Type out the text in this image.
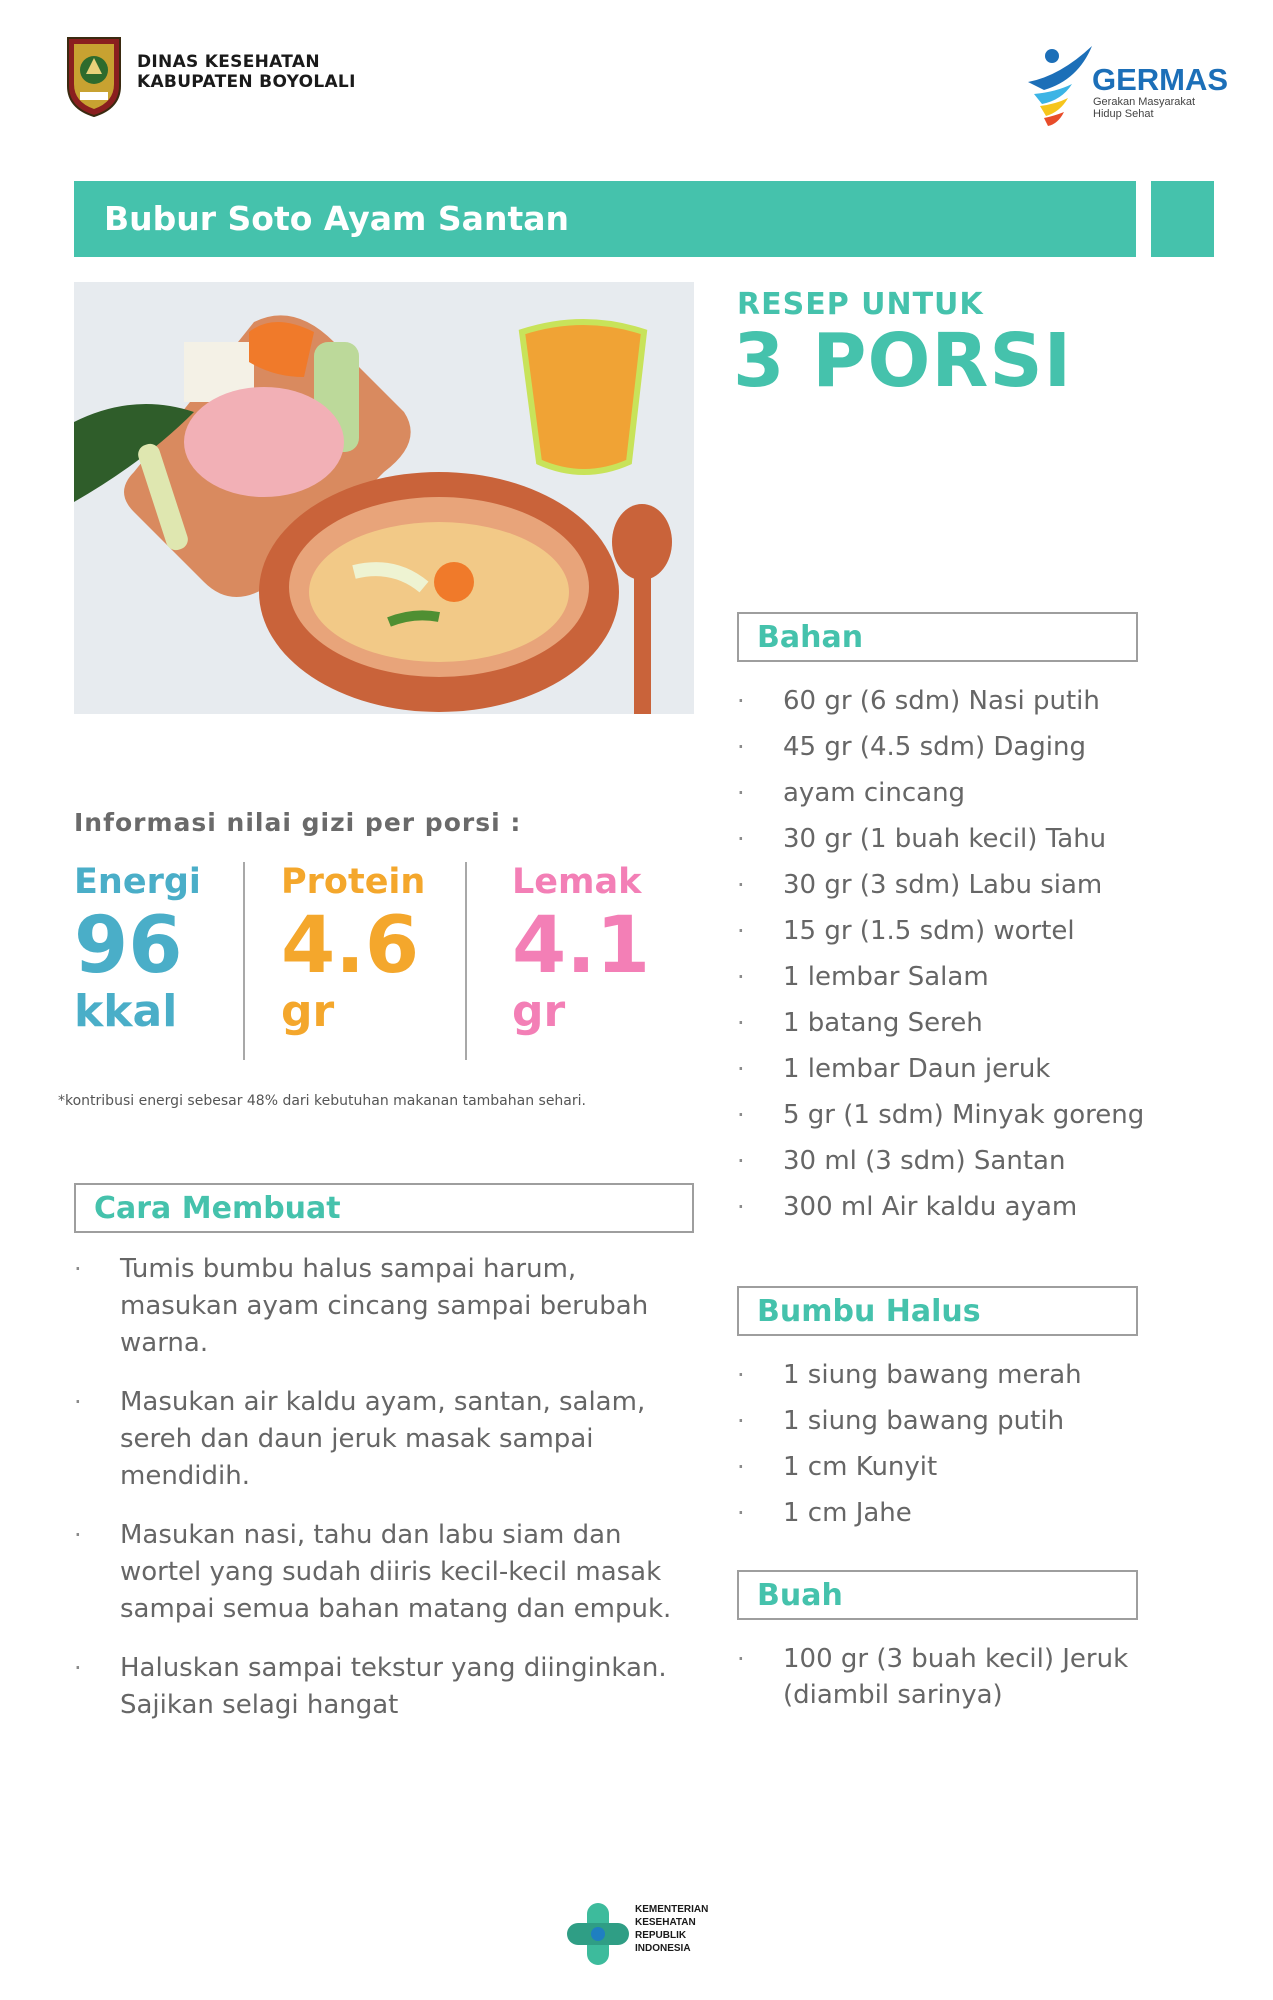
DINAS KESEHATAN
KABUPATEN BOYOLALI	GERMAS
Gerakan Masyarakat
Hidup Sehat
Bubur Soto Ayam Santan
RESEP UNTUK
3 PORSI
Informasi nilai gizi per porsi :
Energi
96
kkal
Protein
4.6
gr
Lemak
4.1
gr
*kontribusi energi sebesar 48% dari kebutuhan makanan tambahan sehari.
Cara Membuat
· Tumis bumbu halus sampai harum, masukan ayam cincang sampai berubah warna.
· Masukan air kaldu ayam, santan, salam, sereh dan daun jeruk masak sampai mendidih.
· Masukan nasi, tahu dan labu siam dan wortel yang sudah diiris kecil-kecil masak sampai semua bahan matang dan empuk.
· Haluskan sampai tekstur yang diinginkan. Sajikan selagi hangat
Bahan
· 60 gr (6 sdm) Nasi putih
· 45 gr (4.5 sdm) Daging
· ayam cincang
· 30 gr (1 buah kecil) Tahu
· 30 gr (3 sdm) Labu siam
· 15 gr (1.5 sdm) wortel
· 1 lembar Salam
· 1 batang Sereh
· 1 lembar Daun jeruk
· 5 gr (1 sdm) Minyak goreng
· 30 ml (3 sdm) Santan
· 300 ml Air kaldu ayam
Bumbu Halus
· 1 siung bawang merah
· 1 siung bawang putih
· 1 cm Kunyit
· 1 cm Jahe
Buah
· 100 gr (3 buah kecil) Jeruk (diambil sarinya)
KEMENTERIAN
KESEHATAN
REPUBLIK
INDONESIA
